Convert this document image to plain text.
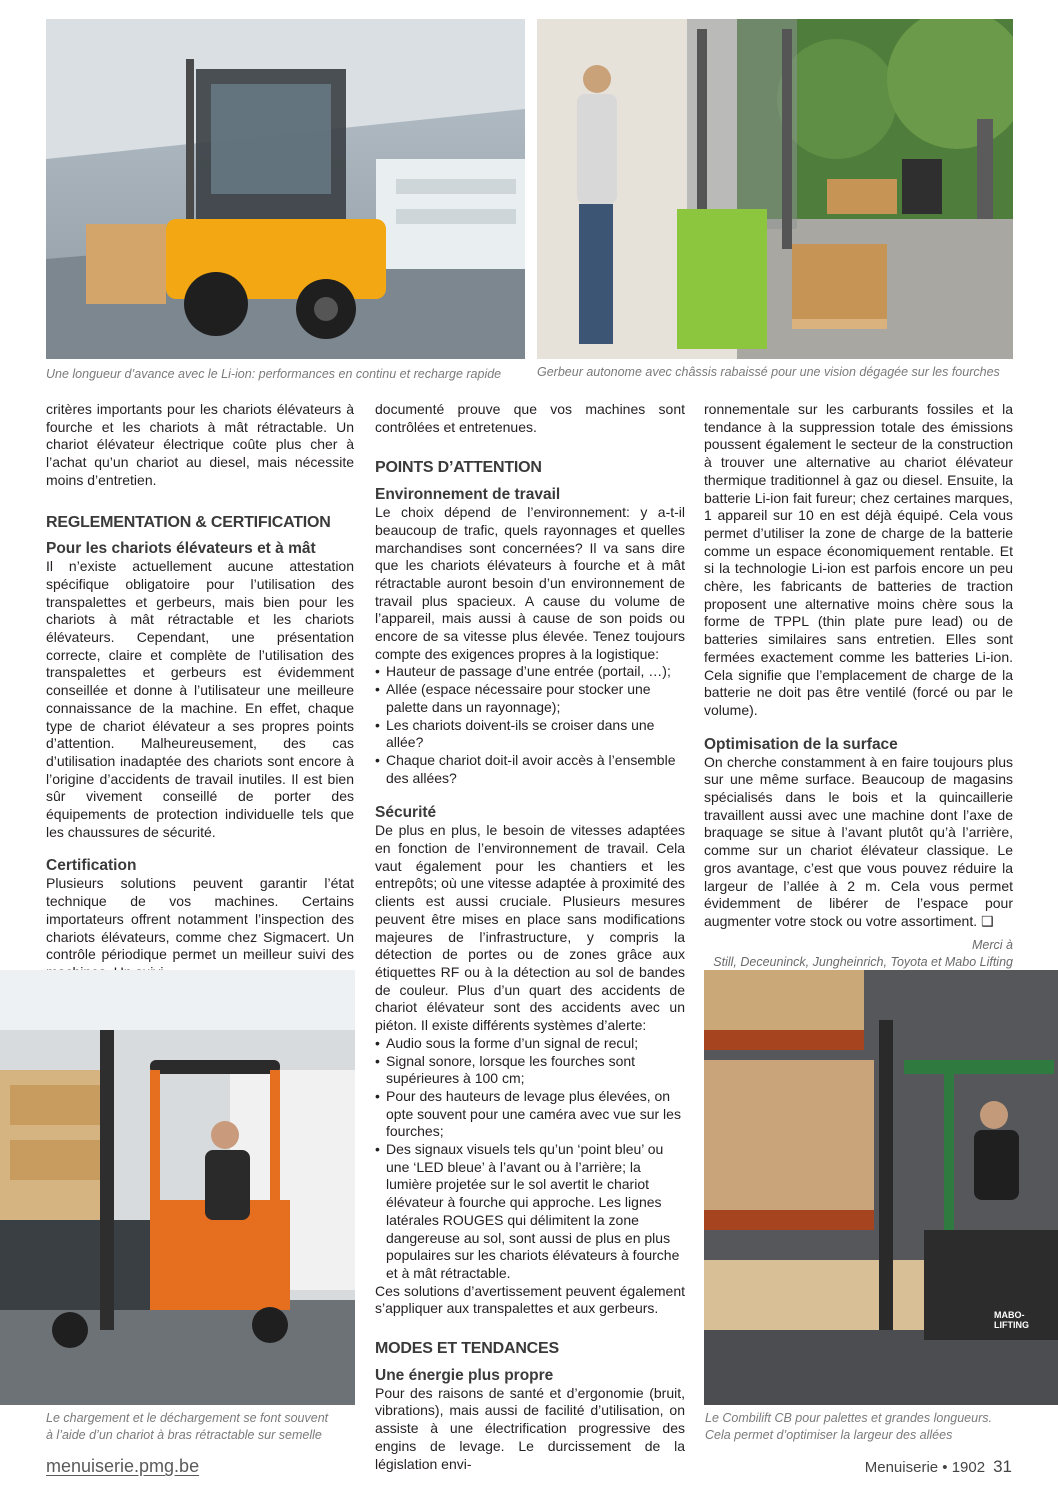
Une longueur d’avance avec le Li-ion: performances en continu et recharge rapide	Gerbeur autonome avec châssis rabaissé pour une vision dégagée sur les fourches

critères importants pour les chariots élévateurs à fourche et les chariots à mât rétractable. Un chariot élévateur électrique coûte plus cher à l’achat qu’un chariot au diesel, mais nécessite moins d’entretien.

REGLEMENTATION & CERTIFICATION
Pour les chariots élévateurs et à mât

Il n’existe actuellement aucune attestation spécifique obligatoire pour l’utilisation des transpalettes et gerbeurs, mais bien pour les chariots à mât rétractable et les chariots élévateurs. Cependant, une présentation correcte, claire et complète de l’utilisation des transpalettes et gerbeurs est évidemment conseillée et donne à l’utilisateur une meilleure connaissance de la machine. En effet, chaque type de chariot élévateur a ses propres points d’attention. Malheureusement, des cas d’utilisation inadaptée des chariots sont encore à l’origine d’accidents de travail inutiles. Il est bien sûr vivement conseillé de porter des équipements de protection individuelle tels que les chaussures de sécurité.

Certification

Plusieurs solutions peuvent garantir l’état technique de vos machines. Certains importateurs offrent notamment l’inspection des chariots élévateurs, comme chez Sigmacert. Un contrôle périodique permet un meilleur suivi des

documenté prouve que vos machines sont contrôlées et entretenues.

POINTS D’ATTENTION
Environnement de travail

Le choix dépend de l’environnement: y a-t-il beaucoup de trafic, quels rayonnages et quelles marchandises sont concernées? Il va sans dire que les chariots élévateurs à fourche et à mât rétractable auront besoin d’un environnement de travail plus spacieux. A cause du volume de l’appareil, mais aussi à cause de son poids ou encore de sa vitesse plus élevée. Tenez toujours compte des exigences propres à la logistique:

• Hauteur de passage d’une entrée (portail, …);
• Allée (espace nécessaire pour stocker une palette dans un rayonnage);
• Les chariots doivent-ils se croiser dans une allée?
• Chaque chariot doit-il avoir accès à l’ensemble des allées?
Sécurité

De plus en plus, le besoin de vitesses adaptées en fonction de l’environnement de travail. Cela vaut également pour les chantiers et les entrepôts; où une vitesse adaptée à proximité des clients est aussi cruciale. Plusieurs mesures peuvent être mises en place sans modifications majeures de l’infrastructure, y compris la détection de portes ou de zones grâce aux étiquettes RF ou à la détection au sol de bandes de couleur. Plus d’un quart des accidents de chariot élévateur sont des accidents avec un piéton. Il existe différents systèmes d’alerte:

• Audio sous la forme d’un signal de recul;
• Signal sonore, lorsque les fourches sont supérieures à 100 cm;
• Pour des hauteurs de levage plus élevées, on opte souvent pour une caméra avec vue sur les fourches;
• Des signaux visuels tels qu’un ‘point bleu’ ou une ‘LED bleue’ à l’avant ou à l’arrière; la lumière projetée sur le sol avertit le chariot élévateur à fourche qui approche. Les lignes latérales ROUGES qui délimitent la zone dangereuse au sol, sont aussi de plus en plus populaires sur les chariots élévateurs à fourche et à mât rétractable.

Ces solutions d’avertissement peuvent également s’appliquer aux transpalettes et aux gerbeurs.

MODES ET TENDANCES
Une énergie plus propre

Pour des raisons de santé et d’ergonomie (bruit, vibrations), mais aussi de facilité d’utilisation, on assiste à une électrification progressive des engins de levage. Le durcissement de la législation envi-

ronnementale sur les carburants fossiles et la tendance à la suppression totale des émissions poussent également le secteur de la construction à trouver une alternative au chariot élévateur thermique traditionnel à gaz ou diesel. Ensuite, la batterie Li-ion fait fureur; chez certaines marques, 1 appareil sur 10 en est déjà équipé. Cela vous permet d’utiliser la zone de charge de la batterie comme un espace économiquement rentable. Et si la technologie Li-ion est parfois encore un peu chère, les fabricants de batteries de traction proposent une alternative moins chère sous la forme de TPPL (thin plate pure lead) ou de batteries similaires sans entretien. Elles sont fermées exactement comme les batteries Li-ion. Cela signifie que l’emplacement de charge de la batterie ne doit pas être ventilé (forcé ou par le volume).

Optimisation de la surface

On cherche constamment à en faire toujours plus sur une même surface. Beaucoup de magasins spécialisés dans le bois et la quincaillerie travaillent aussi avec une machine dont l’axe de braquage se situe à l’avant plutôt qu’à l’arrière, comme sur un chariot élévateur classique. Le gros avantage, c’est que vous pouvez réduire la largeur de l’allée à 2 m. Cela vous permet évidemment de libérer de l’espace pour augmenter votre stock ou votre assortiment. ❑

Merci à

Still, Deceuninck, Jungheinrich, Toyota et Mabo Lifting

Le chargement et le déchargement se font souvent
à l’aide d’un chariot à bras rétractable sur semelle
MABO-LIFTING
Le Combilift CB pour palettes et grandes longueurs.
Cela permet d’optimiser la largeur des allées
menuiserie.pmg.be	Menuiserie • 1902 31
